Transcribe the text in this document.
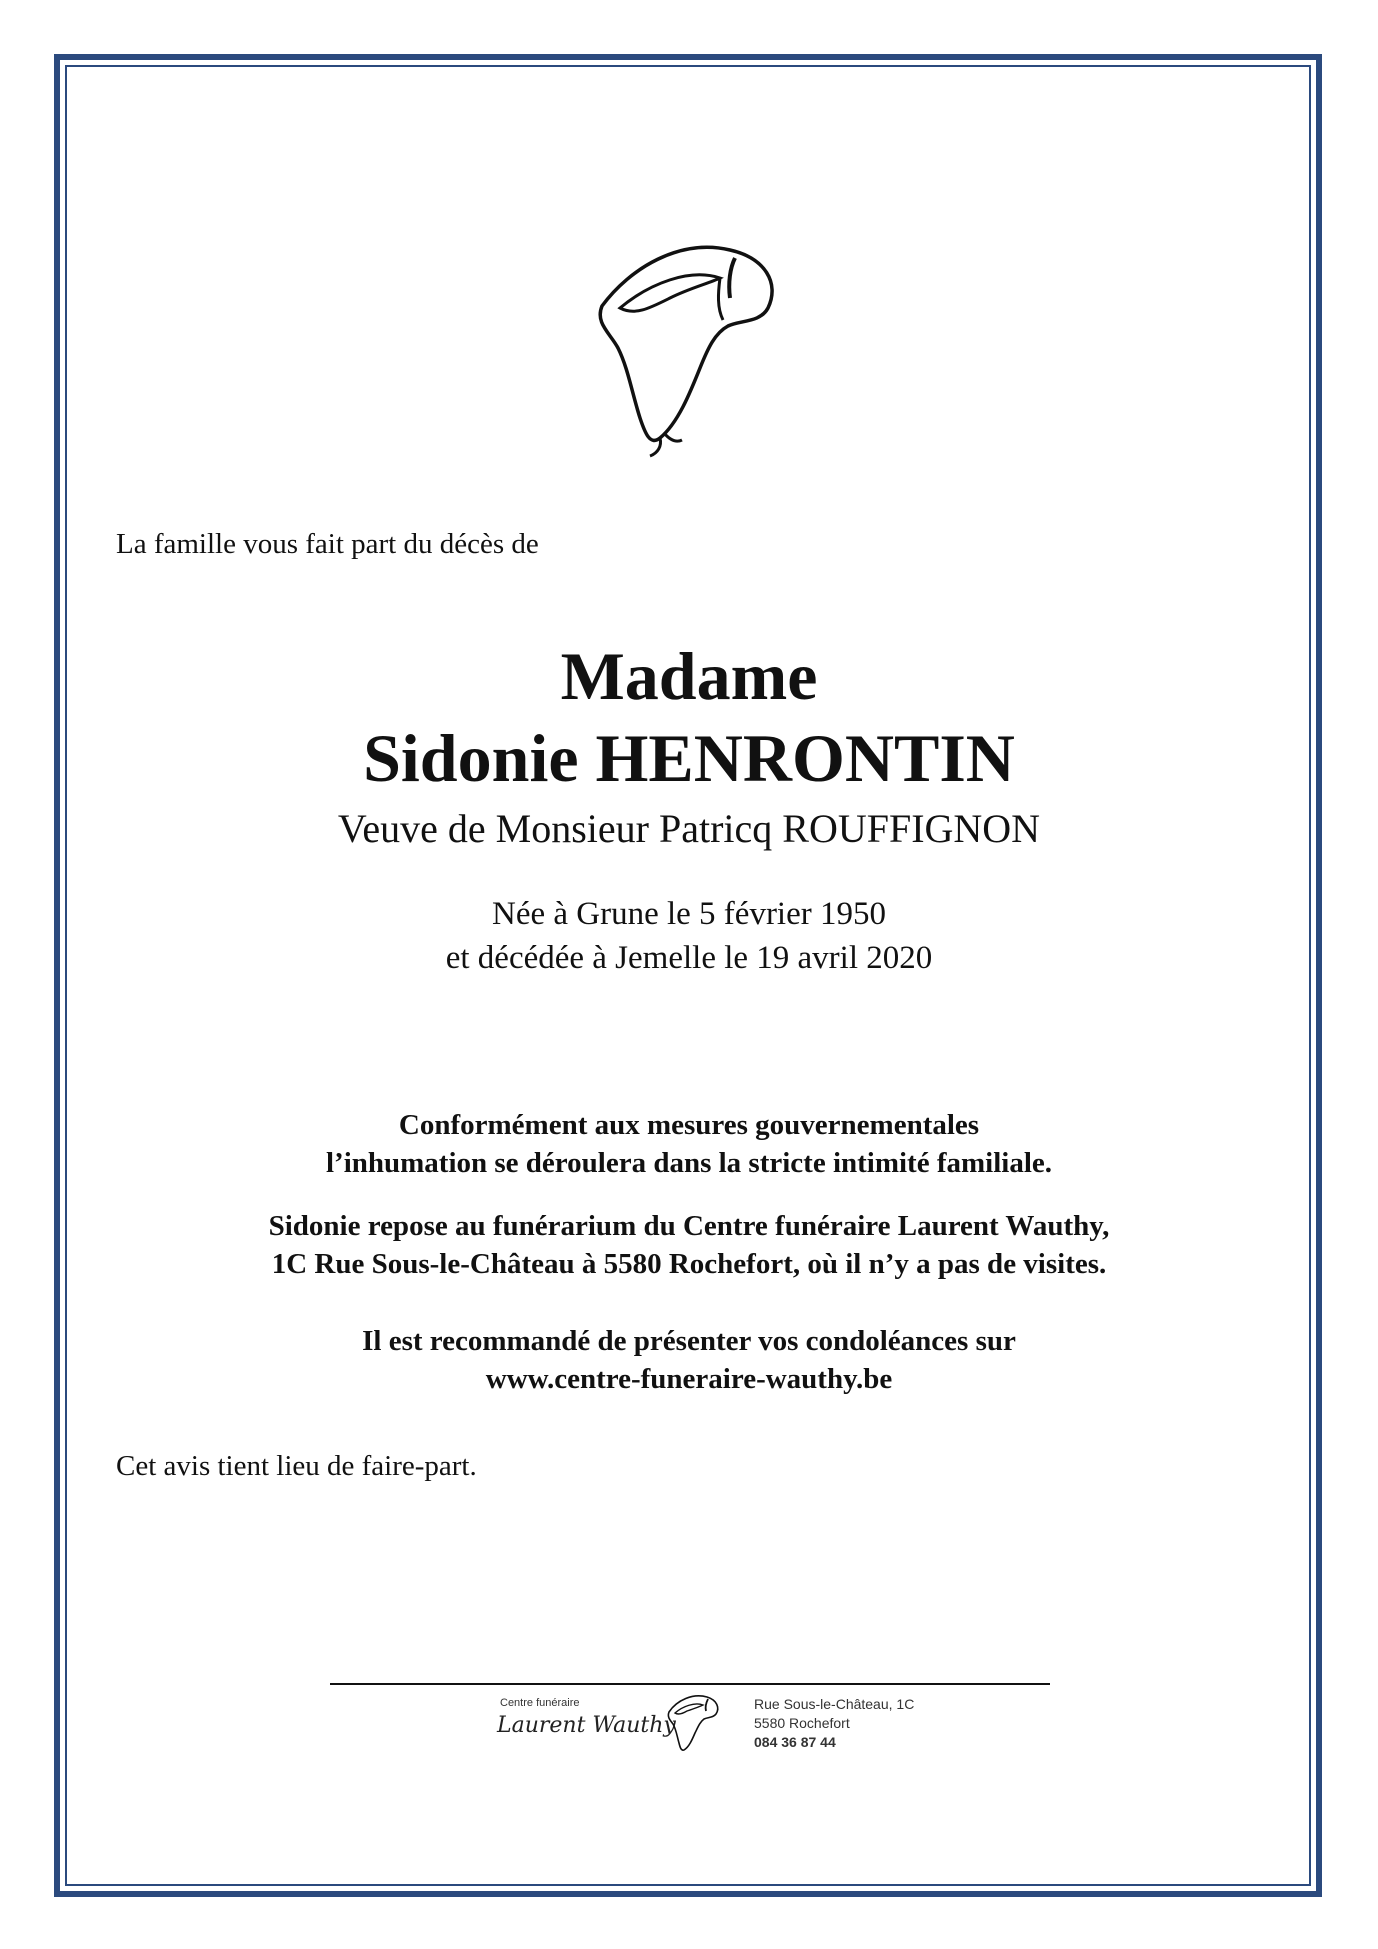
La famille vous fait part du décès de
Madame
Sidonie HENRONTIN
Veuve de Monsieur Patricq ROUFFIGNON
Née à Grune le 5 février 1950
et décédée à Jemelle le 19 avril 2020
Conformément aux mesures gouvernementales
l’inhumation se déroulera dans la stricte intimité familiale.
Sidonie repose au funérarium du Centre funéraire Laurent Wauthy,
1C Rue Sous-le-Château à 5580 Rochefort, où il n’y a pas de visites.
Il est recommandé de présenter vos condoléances sur
www.centre-funeraire-wauthy.be
Cet avis tient lieu de faire-part.
Centre funéraire
Laurent Wauthy
Rue Sous-le-Château, 1C
5580 Rochefort
084 36 87 44
